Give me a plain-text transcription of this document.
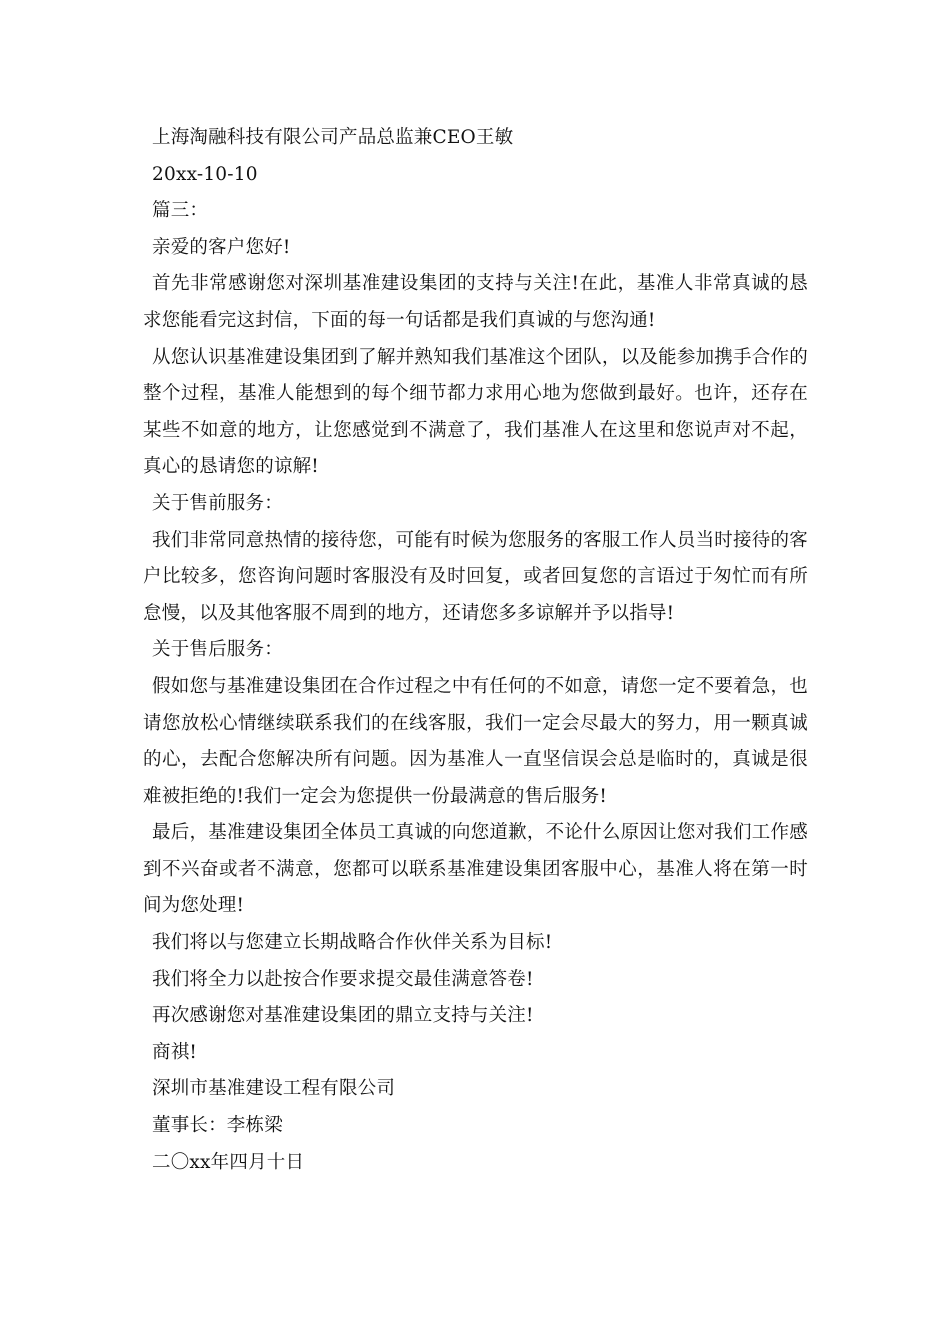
上海淘融科技有限公司产品总监兼CEO王敏
20xx-10-10
篇三：
亲爱的客户您好!

首先非常感谢您对深圳基准建设集团的支持与关注!在此，基准人非常真诚的恳求您能看完这封信，下面的每一句话都是我们真诚的与您沟通!

从您认识基准建设集团到了解并熟知我们基准这个团队，以及能参加携手合作的整个过程，基准人能想到的每个细节都力求用心地为您做到最好。也许，还存在某些不如意的地方，让您感觉到不满意了，我们基准人在这里和您说声对不起，真心的恳请您的谅解!

关于售前服务：

我们非常同意热情的接待您，可能有时候为您服务的客服工作人员当时接待的客户比较多，您咨询问题时客服没有及时回复，或者回复您的言语过于匆忙而有所怠慢，以及其他客服不周到的地方，还请您多多谅解并予以指导!

关于售后服务：

假如您与基准建设集团在合作过程之中有任何的不如意，请您一定不要着急，也请您放松心情继续联系我们的在线客服，我们一定会尽最大的努力，用一颗真诚的心，去配合您解决所有问题。因为基准人一直坚信误会总是临时的，真诚是很难被拒绝的!我们一定会为您提供一份最满意的售后服务!

最后，基准建设集团全体员工真诚的向您道歉，不论什么原因让您对我们工作感到不兴奋或者不满意，您都可以联系基准建设集团客服中心，基准人将在第一时间为您处理!

我们将以与您建立长期战略合作伙伴关系为目标!

我们将全力以赴按合作要求提交最佳满意答卷!

再次感谢您对基准建设集团的鼎立支持与关注!

商祺!
深圳市基准建设工程有限公司
董事长：李栋梁
二〇xx年四月十日
